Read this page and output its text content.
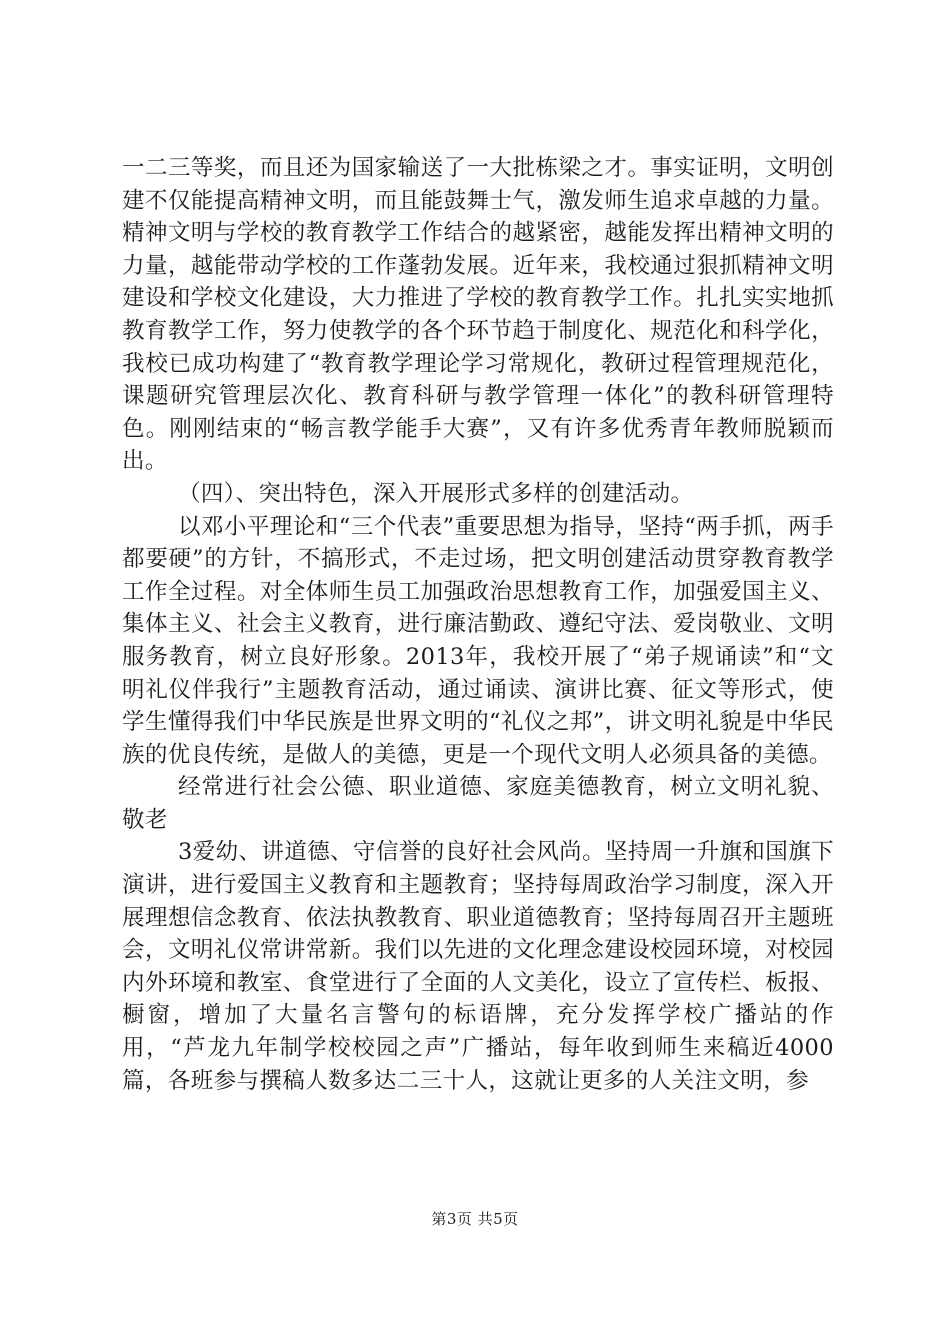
一二三等奖，而且还为国家输送了一大批栋梁之才。事实证明，文明创建不仅能提高精神文明，而且能鼓舞士气，激发师生追求卓越的力量。精神文明与学校的教育教学工作结合的越紧密，越能发挥出精神文明的力量，越能带动学校的工作蓬勃发展。近年来，我校通过狠抓精神文明建设和学校文化建设，大力推进了学校的教育教学工作。扎扎实实地抓教育教学工作，努力使教学的各个环节趋于制度化、规范化和科学化，我校已成功构建了“教育教学理论学习常规化，教研过程管理规范化，课题研究管理层次化、教育科研与教学管理一体化”的教科研管理特色。刚刚结束的“畅言教学能手大赛”，又有许多优秀青年教师脱颖而出。

（四）、突出特色，深入开展形式多样的创建活动。

以邓小平理论和“三个代表”重要思想为指导，坚持“两手抓，两手都要硬”的方针，不搞形式，不走过场，把文明创建活动贯穿教育教学工作全过程。对全体师生员工加强政治思想教育工作，加强爱国主义、集体主义、社会主义教育，进行廉洁勤政、遵纪守法、爱岗敬业、文明服务教育，树立良好形象。2013年，我校开展了“弟子规诵读”和“文明礼仪伴我行”主题教育活动，通过诵读、演讲比赛、征文等形式，使学生懂得我们中华民族是世界文明的“礼仪之邦”，讲文明礼貌是中华民族的优良传统，是做人的美德，更是一个现代文明人必须具备的美德。

经常进行社会公德、职业道德、家庭美德教育，树立文明礼貌、敬老

3爱幼、讲道德、守信誉的良好社会风尚。坚持周一升旗和国旗下演讲，进行爱国主义教育和主题教育；坚持每周政治学习制度，深入开展理想信念教育、依法执教教育、职业道德教育；坚持每周召开主题班会，文明礼仪常讲常新。我们以先进的文化理念建设校园环境，对校园内外环境和教室、食堂进行了全面的人文美化，设立了宣传栏、板报、橱窗，增加了大量名言警句的标语牌，充分发挥学校广播站的作用，“芦龙九年制学校校园之声”广播站，每年收到师生来稿近4000篇，各班参与撰稿人数多达二三十人，这就让更多的人关注文明，参

第3页 共5页
